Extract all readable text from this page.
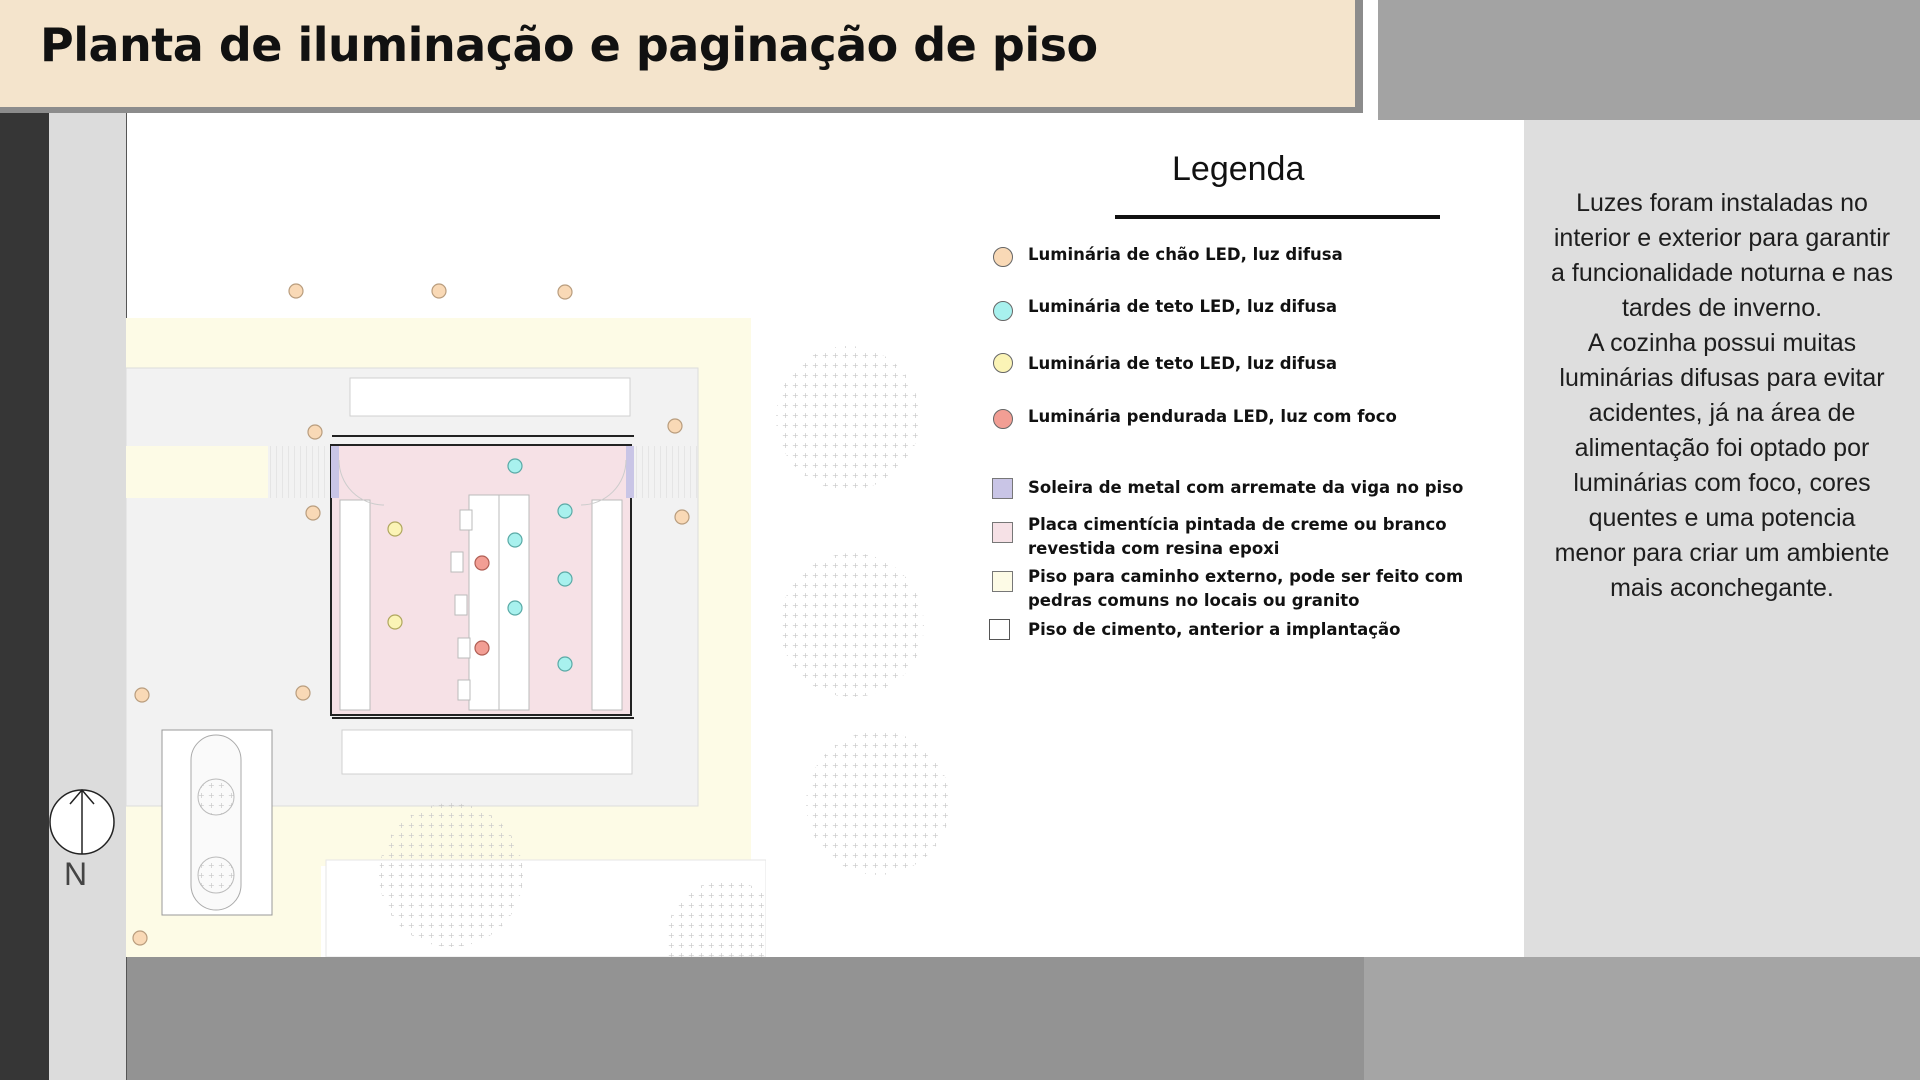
Planta de iluminação e paginação de piso
N
Legenda
Luminária de chão LED, luz difusa
Luminária de teto LED, luz difusa
Luminária de teto LED, luz difusa
Luminária pendurada LED, luz com foco
Soleira de metal com arremate da viga no piso
Placa cimentícia pintada de creme ou branco revestida com resina epoxi
Piso para caminho externo, pode ser feito com pedras comuns no locais ou granito
Piso de cimento, anterior a implantação
Luzes foram instaladas no interior e exterior para garantir a funcionalidade noturna e nas tardes de inverno.
A cozinha possui muitas luminárias difusas para evitar acidentes, já na área de alimentação foi optado por luminárias com foco, cores quentes e uma potencia menor para criar um ambiente mais aconchegante.
